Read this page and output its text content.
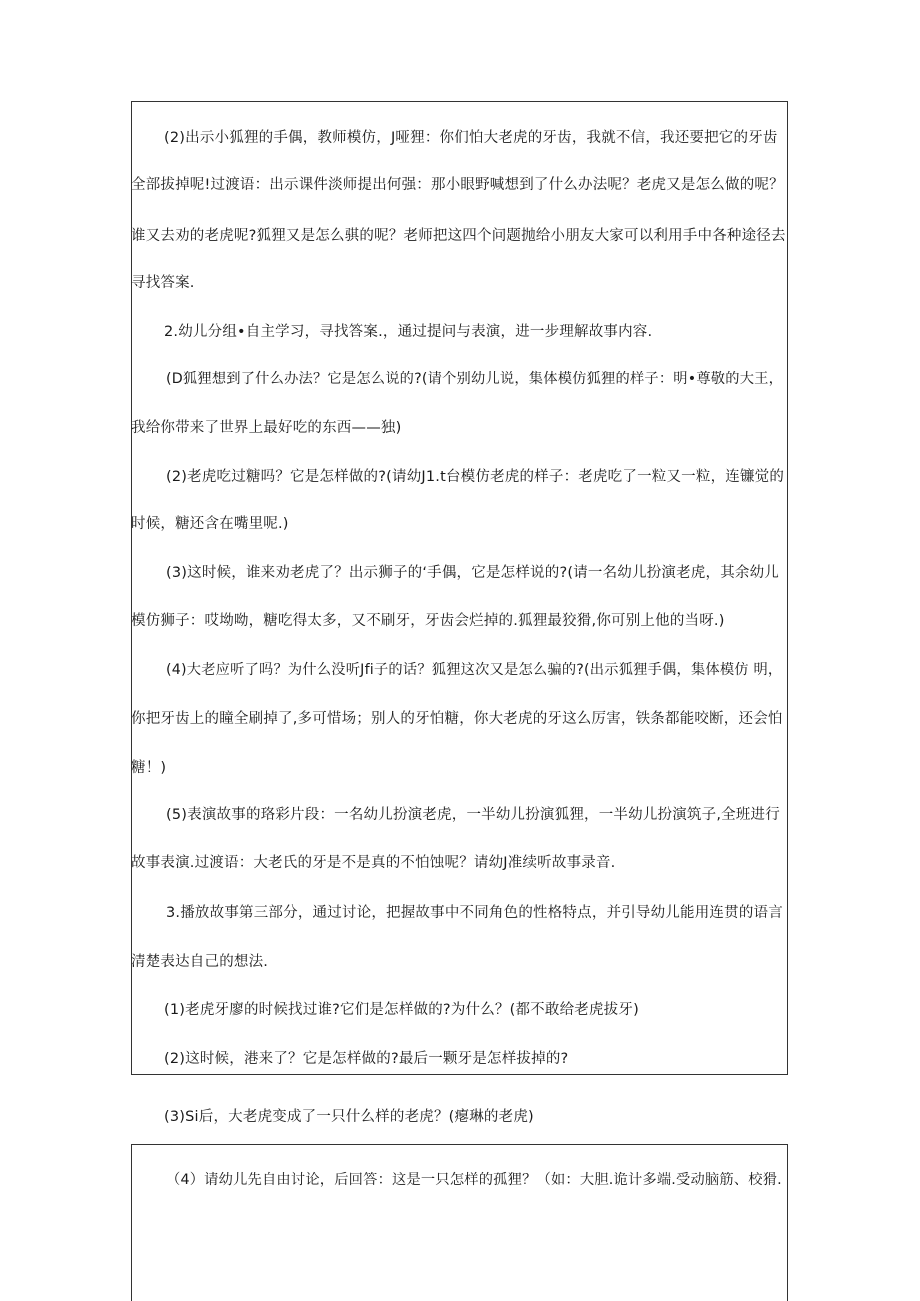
(2)出示小狐狸的手偶，教师模仿，J哑狸：你们怕大老虎的牙齿，我就不信，我还要把它的牙齿
全部拔掉呢!过渡语：出示课件淡师提出何强：那小眼野喊想到了什么办法呢？老虎又是怎么做的呢？
谁又去劝的老虎呢?狐狸又是怎么骐的呢？老师把这四个问题抛给小朋友大家可以利用手中各种途径去
寻找答案.
2.幼儿分组•自主学习，寻找答案.，通过提问与表演，进一步理解故事内容.
(D狐狸想到了什么办法？它是怎么说的?(请个别幼儿说，集体模仿狐狸的样子：明•尊敬的大王，
我给你带来了世界上最好吃的东西——独)
(2)老虎吃过糖吗？它是怎样做的?(请幼J1.t台模仿老虎的样子：老虎吃了一粒又一粒，连镰觉的
时候，糖还含在嘴里呢.)
(3)这时候，谁来劝老虎了？出示狮子的‘手偶，它是怎样说的?(请一名幼儿扮演老虎，其余幼儿
模仿狮子：哎坳呦，糖吃得太多，又不刷牙，牙齿会烂掉的.狐狸最狡猾,你可别上他的当呀.)
(4)大老应听了吗？为什么没听Jfi子的话？狐狸这次又是怎么骗的?(出示狐狸手偶，集体模仿 明，
你把牙齿上的瞳全刷掉了,多可惜场；别人的牙怕糖，你大老虎的牙这么厉害，铁条都能咬断，还会怕
糖！)
(5)表演故事的珞彩片段：一名幼儿扮演老虎，一半幼儿扮演狐狸，一半幼儿扮演筑子,全班进行
故事表演.过渡语：大老氏的牙是不是真的不怕蚀呢？请幼J准续听故事录音.
3.播放故事第三部分，通过讨论，把握故事中不同角色的性格特点，并引导幼儿能用连贯的语言
清楚表达自己的想法.
(1)老虎牙廖的时候找过谁?它们是怎样做的?为什么？(都不敢给老虎拔牙)
(2)这时候，港来了？它是怎样做的?最后一颗牙是怎样拔掉的?
(3)Si后，大老虎变成了一只什么样的老虎？(瘪琳的老虎)
（4）请幼儿先自由讨论，后回答：这是一只怎样的孤狸？（如：大胆.诡计多端.受动脑筋、校猾.
